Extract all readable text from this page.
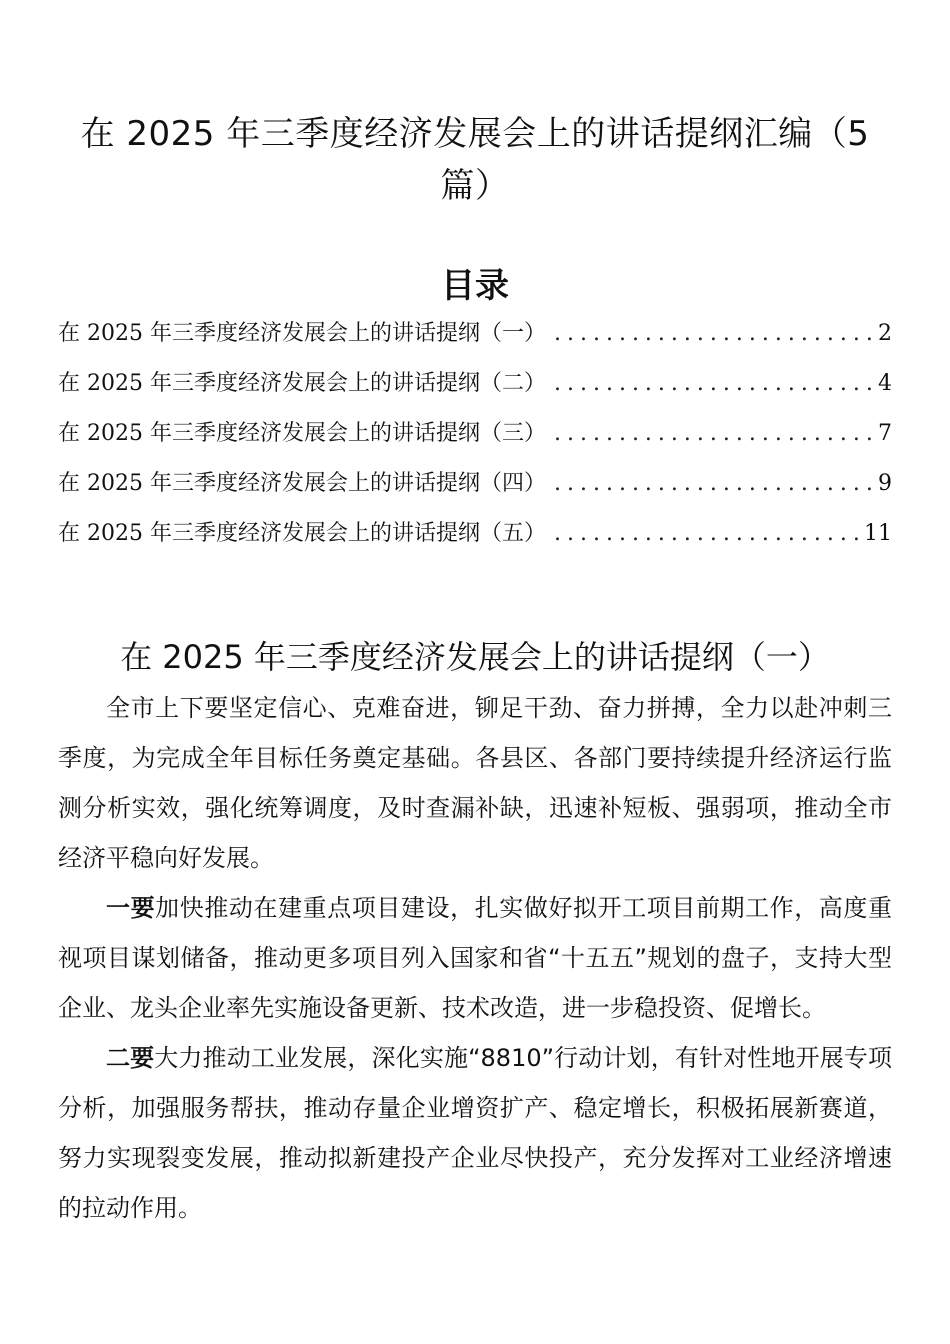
在 2025 年三季度经济发展会上的讲话提纲汇编（5 篇）
目录
在 2025 年三季度经济发展会上的讲话提纲（一） .....	2
在 2025 年三季度经济发展会上的讲话提纲（二） .....	4
在 2025 年三季度经济发展会上的讲话提纲（三） .....	7
在 2025 年三季度经济发展会上的讲话提纲（四） .....	9
在 2025 年三季度经济发展会上的讲话提纲（五） .....	11
在 2025 年三季度经济发展会上的讲话提纲（一）

全市上下要坚定信心、克难奋进，铆足干劲、奋力拼搏，全力以赴冲刺三季度，为完成全年目标任务奠定基础。各县区、各部门要持续提升经济运行监测分析实效，强化统筹调度，及时查漏补缺，迅速补短板、强弱项，推动全市经济平稳向好发展。

一要加快推动在建重点项目建设，扎实做好拟开工项目前期工作，高度重视项目谋划储备，推动更多项目列入国家和省“十五五”规划的盘子，支持大型企业、龙头企业率先实施设备更新、技术改造，进一步稳投资、促增长。

二要大力推动工业发展，深化实施“8810”行动计划，有针对性地开展专项分析，加强服务帮扶，推动存量企业增资扩产、稳定增长，积极拓展新赛道，努力实现裂变发展，推动拟新建投产企业尽快投产，充分发挥对工业经济增速的拉动作用。
